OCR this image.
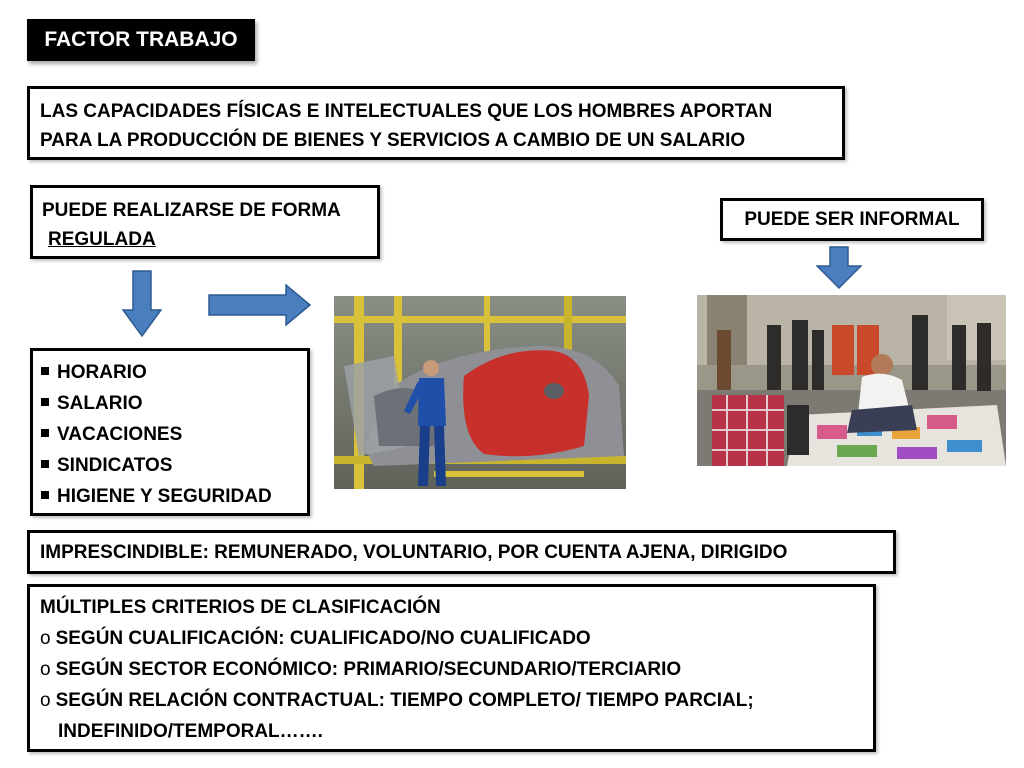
FACTOR TRABAJO
LAS CAPACIDADES FÍSICAS E INTELECTUALES QUE LOS HOMBRES APORTAN
PARA LA PRODUCCIÓN DE BIENES Y SERVICIOS A CAMBIO DE UN SALARIO
PUEDE REALIZARSE DE FORMA
REGULADA
PUEDE SER INFORMAL
HORARIO
SALARIO
VACACIONES
SINDICATOS
HIGIENE Y SEGURIDAD
IMPRESCINDIBLE: REMUNERADO, VOLUNTARIO, POR CUENTA AJENA, DIRIGIDO
MÚLTIPLES CRITERIOS DE CLASIFICACIÓN
o SEGÚN CUALIFICACIÓN: CUALIFICADO/NO CUALIFICADO
o SEGÚN SECTOR ECONÓMICO: PRIMARIO/SECUNDARIO/TERCIARIO
o SEGÚN RELACIÓN CONTRACTUAL: TIEMPO COMPLETO/ TIEMPO PARCIAL;
INDEFINIDO/TEMPORAL…….
